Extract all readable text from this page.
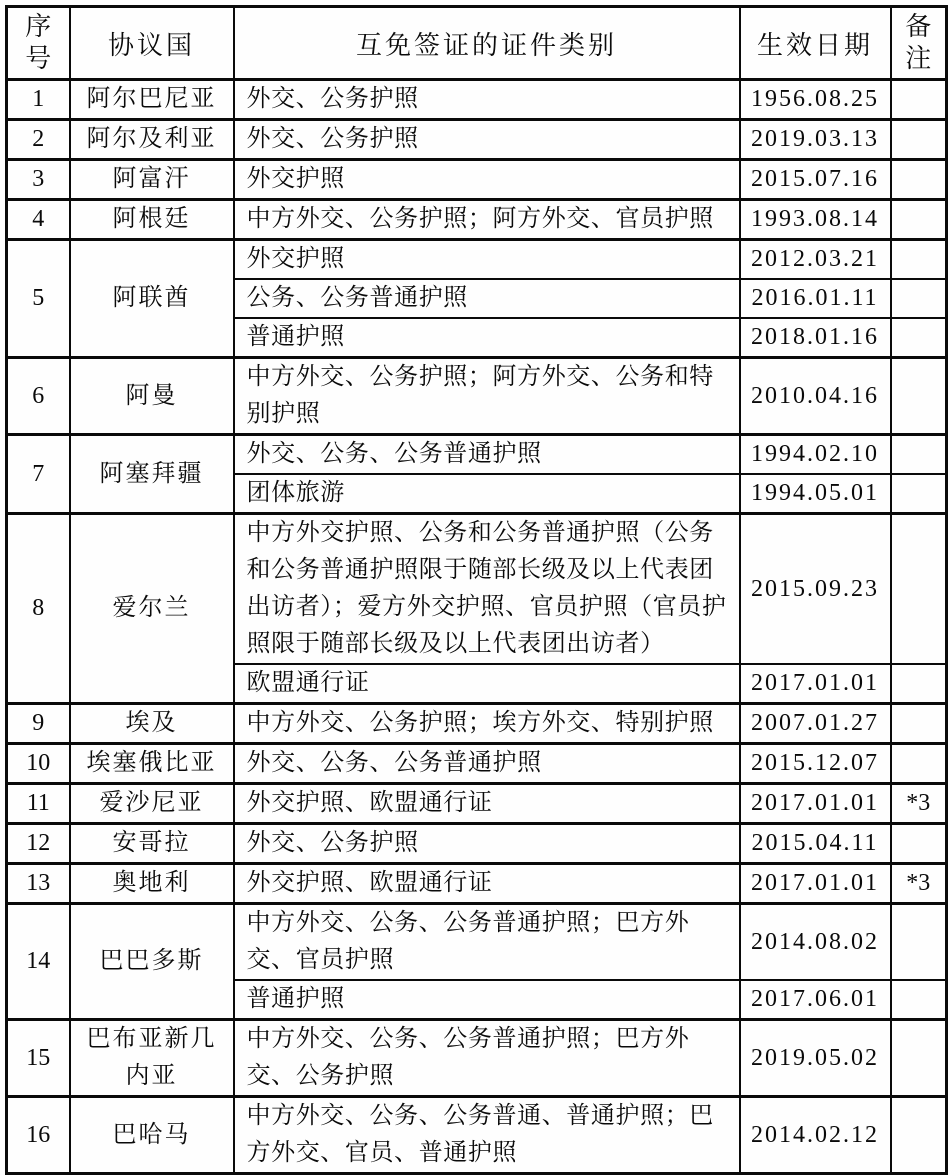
序号	协议国	互免签证的证件类别	生效日期	备注

1	阿尔巴尼亚	外交、公务护照	1956.08.25	
2	阿尔及利亚	外交、公务护照	2019.03.13	
3	阿富汗	外交护照	2015.07.16	
4	阿根廷	中方外交、公务护照；阿方外交、官员护照	1993.08.14	
5	阿联酋	外交护照	2012.03.21	
		公务、公务普通护照	2016.01.11	
		普通护照	2018.01.16	
6	阿曼	中方外交、公务护照；阿方外交、公务和特别护照	2010.04.16	
7	阿塞拜疆	外交、公务、公务普通护照	1994.02.10	
		团体旅游	1994.05.01	
8	爱尔兰	中方外交护照、公务和公务普通护照（公务和公务普通护照限于随部长级及以上代表团出访者）；爱方外交护照、官员护照（官员护照限于随部长级及以上代表团出访者）	2015.09.23	
		欧盟通行证	2017.01.01	
9	埃及	中方外交、公务护照；埃方外交、特别护照	2007.01.27	
10	埃塞俄比亚	外交、公务、公务普通护照	2015.12.07	
11	爱沙尼亚	外交护照、欧盟通行证	2017.01.01	*3
12	安哥拉	外交、公务护照	2015.04.11	
13	奥地利	外交护照、欧盟通行证	2017.01.01	*3
14	巴巴多斯	中方外交、公务、公务普通护照；巴方外交、官员护照	2014.08.02	
		普通护照	2017.06.01	
15	巴布亚新几内亚	中方外交、公务、公务普通护照；巴方外交、公务护照	2019.05.02	
16	巴哈马	中方外交、公务、公务普通、普通护照；巴方外交、官员、普通护照	2014.02.12	
